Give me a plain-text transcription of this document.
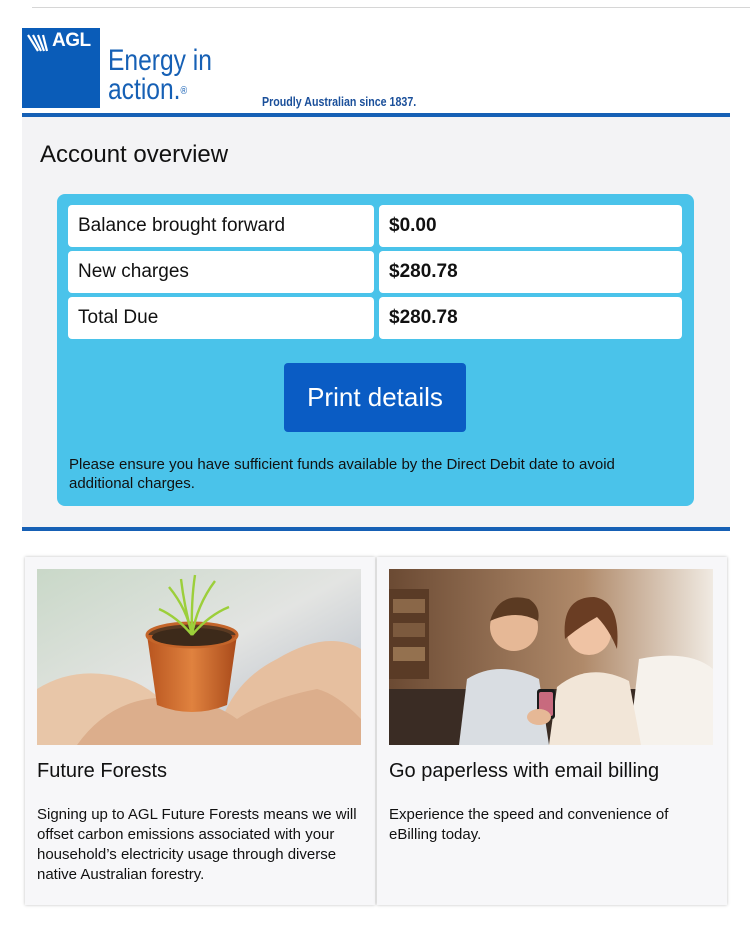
AGL
Energy in
action.®
Proudly Australian since 1837.
Account overview
Balance brought forward	$0.00
New charges	$280.78
Total Due	$280.78
Print details
Please ensure you have sufficient funds available by the Direct Debit date to avoid additional charges.
Future Forests
Signing up to AGL Future Forests means we will offset carbon emissions associated with your household’s electricity usage through diverse native Australian forestry.
Go paperless with email billing
Experience the speed and convenience of eBilling today.
